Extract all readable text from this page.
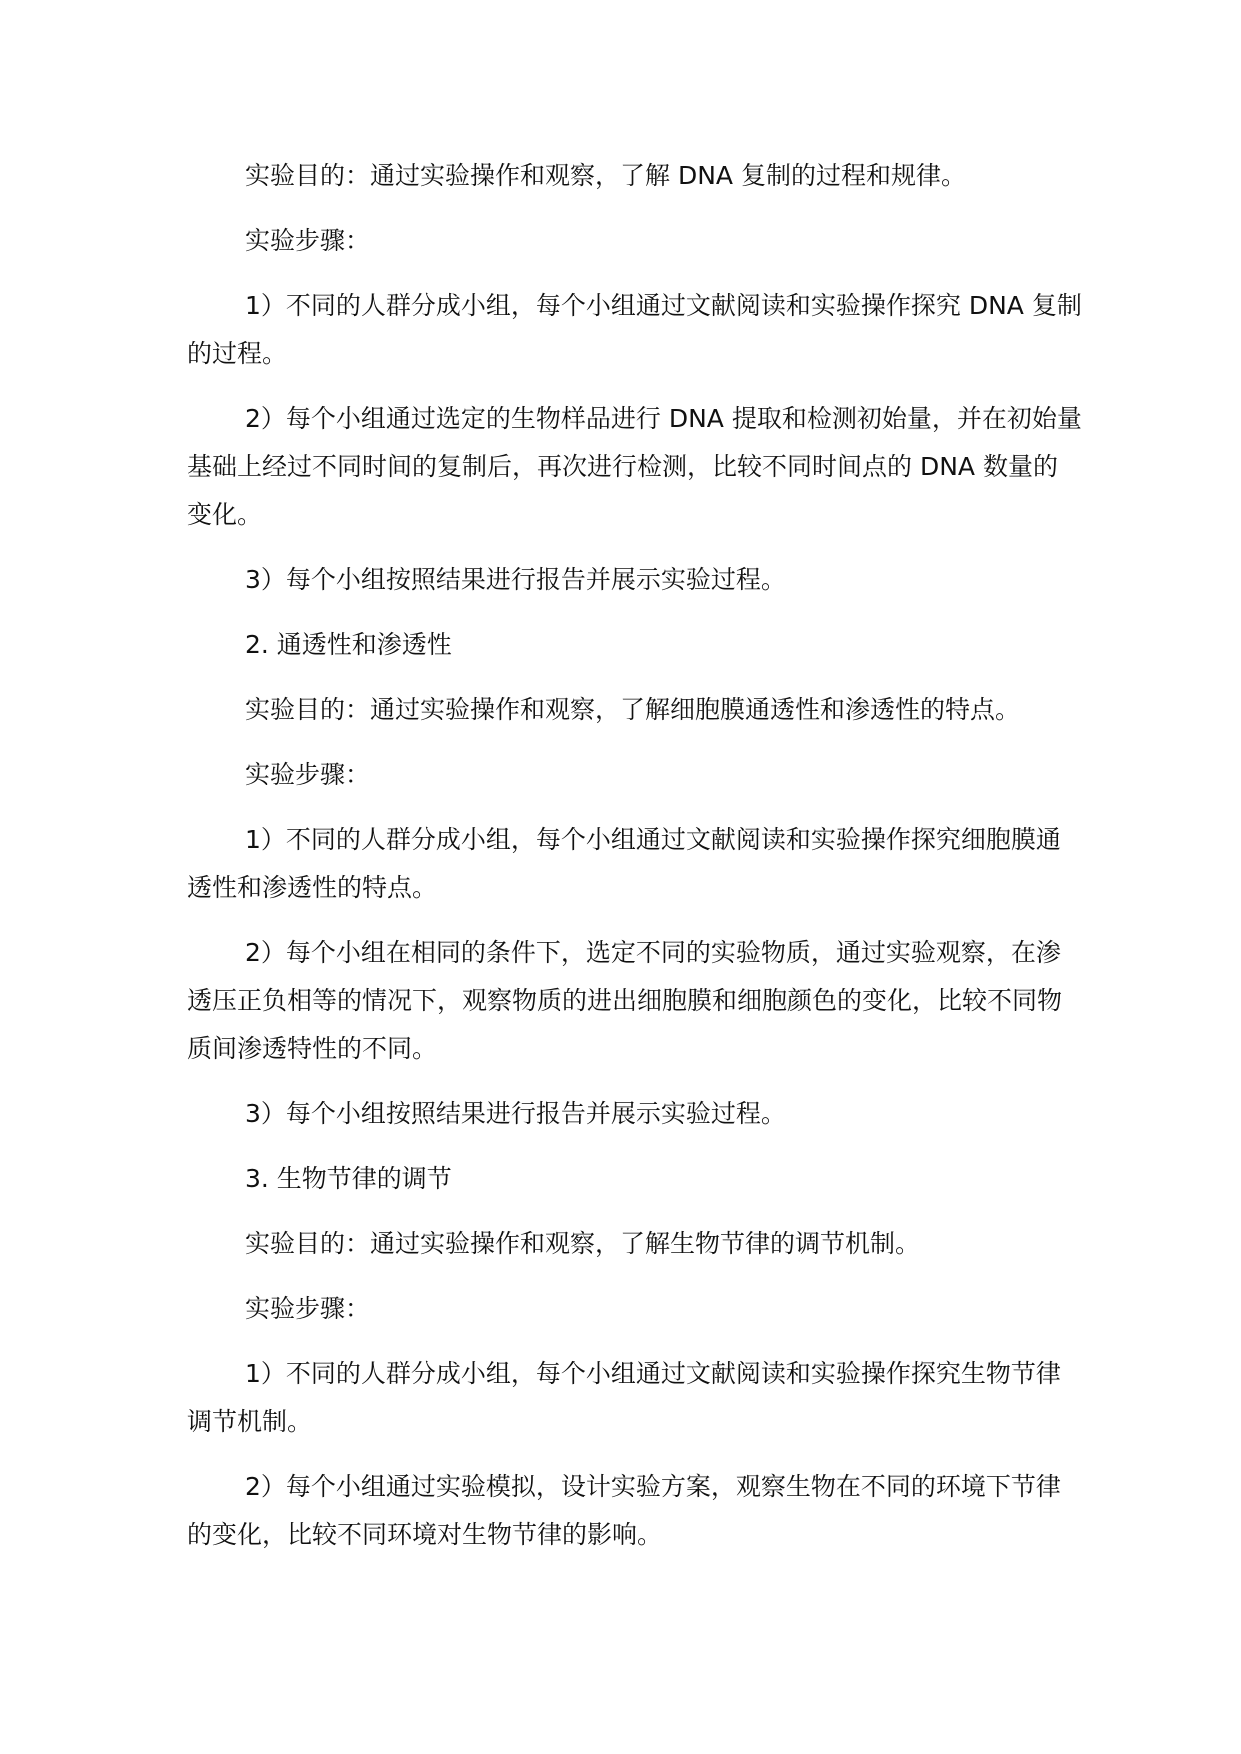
实验目的：通过实验操作和观察，了解 DNA 复制的过程和规律。

实验步骤：

1）不同的人群分成小组，每个小组通过文献阅读和实验操作探究 DNA 复制的过程。

2）每个小组通过选定的生物样品进行 DNA 提取和检测初始量，并在初始量基础上经过不同时间的复制后，再次进行检测，比较不同时间点的 DNA 数量的变化。

3）每个小组按照结果进行报告并展示实验过程。

2. 通透性和渗透性

实验目的：通过实验操作和观察，了解细胞膜通透性和渗透性的特点。

实验步骤：

1）不同的人群分成小组，每个小组通过文献阅读和实验操作探究细胞膜通透性和渗透性的特点。

2）每个小组在相同的条件下，选定不同的实验物质，通过实验观察，在渗透压正负相等的情况下，观察物质的进出细胞膜和细胞颜色的变化，比较不同物质间渗透特性的不同。

3）每个小组按照结果进行报告并展示实验过程。

3. 生物节律的调节

实验目的：通过实验操作和观察，了解生物节律的调节机制。

实验步骤：

1）不同的人群分成小组，每个小组通过文献阅读和实验操作探究生物节律调节机制。

2）每个小组通过实验模拟，设计实验方案，观察生物在不同的环境下节律的变化，比较不同环境对生物节律的影响。
